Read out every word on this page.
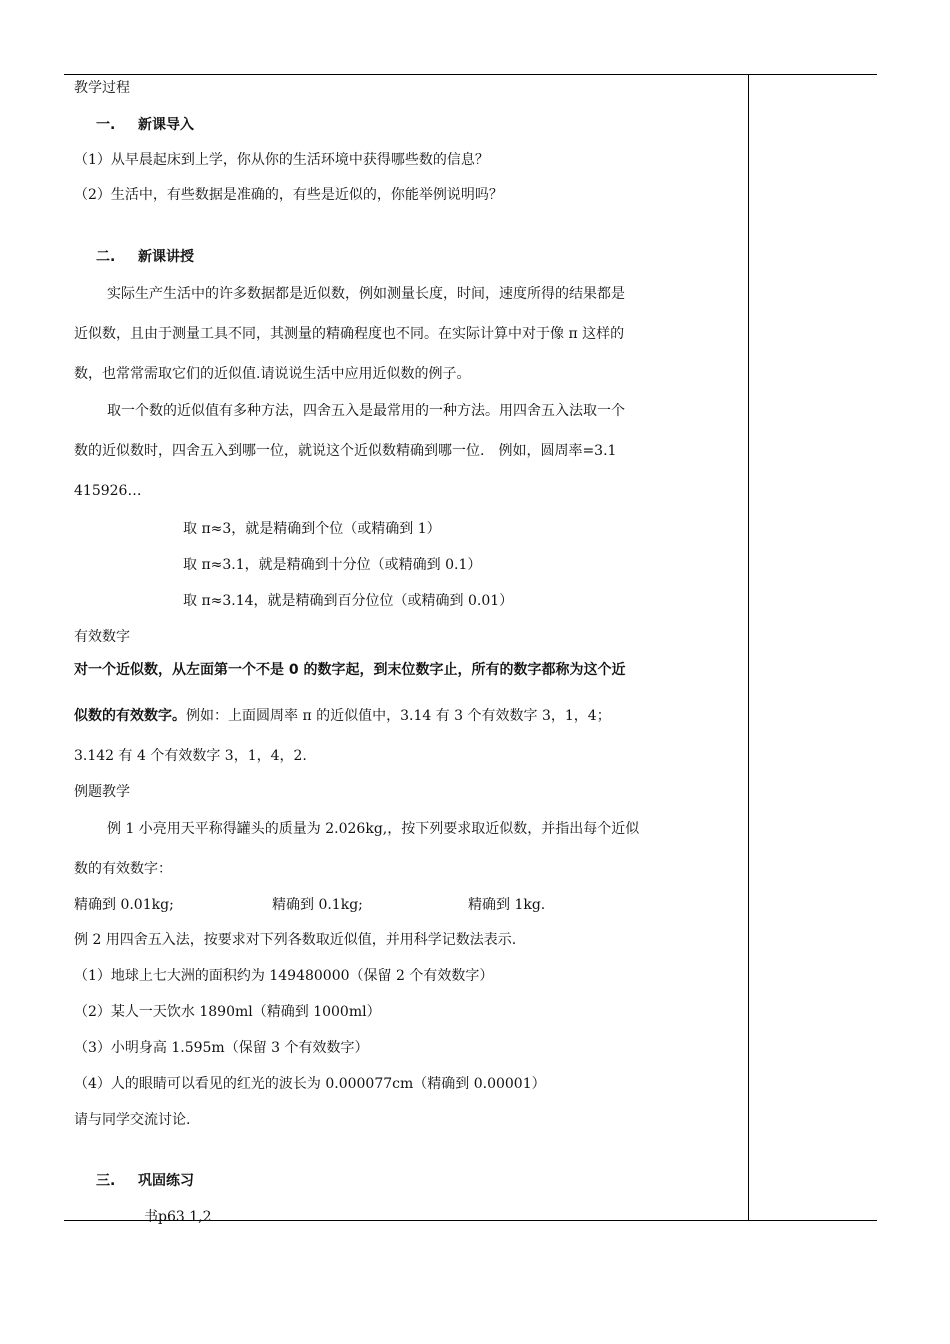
教学过程
一. 新课导入
（1）从早晨起床到上学，你从你的生活环境中获得哪些数的信息？
（2）生活中，有些数据是准确的，有些是近似的，你能举例说明吗？
二. 新课讲授
实际生产生活中的许多数据都是近似数，例如测量长度，时间，速度所得的结果都是
近似数，且由于测量工具不同，其测量的精确程度也不同。在实际计算中对于像 π 这样的
数，也常常需取它们的近似值.请说说生活中应用近似数的例子。
取一个数的近似值有多种方法，四舍五入是最常用的一种方法。用四舍五入法取一个
数的近似数时，四舍五入到哪一位，就说这个近似数精确到哪一位.　例如，圆周率=3.1
415926…
取 π≈3，就是精确到个位（或精确到 1）
取 π≈3.1，就是精确到十分位（或精确到 0.1）
取 π≈3.14，就是精确到百分位位（或精确到 0.01）
有效数字
对一个近似数，从左面第一个不是 0 的数字起，到末位数字止，所有的数字都称为这个近
似数的有效数字。例如：上面圆周率 π 的近似值中，3.14 有 3 个有效数字 3，1，4；
3.142 有 4 个有效数字 3，1，4，2.
例题教学
例 1 小亮用天平称得罐头的质量为 2.026kg,，按下列要求取近似数，并指出每个近似
数的有效数字：
精确到 0.01kg;	精确到 0.1kg;	精确到 1kg.
例 2 用四舍五入法，按要求对下列各数取近似值，并用科学记数法表示.
（1）地球上七大洲的面积约为 149480000（保留 2 个有效数字）
（2）某人一天饮水 1890ml（精确到 1000ml）
（3）小明身高 1.595m（保留 3 个有效数字）
（4）人的眼睛可以看见的红光的波长为 0.000077cm（精确到 0.00001）
请与同学交流讨论.
三. 巩固练习
书p63 1,2
